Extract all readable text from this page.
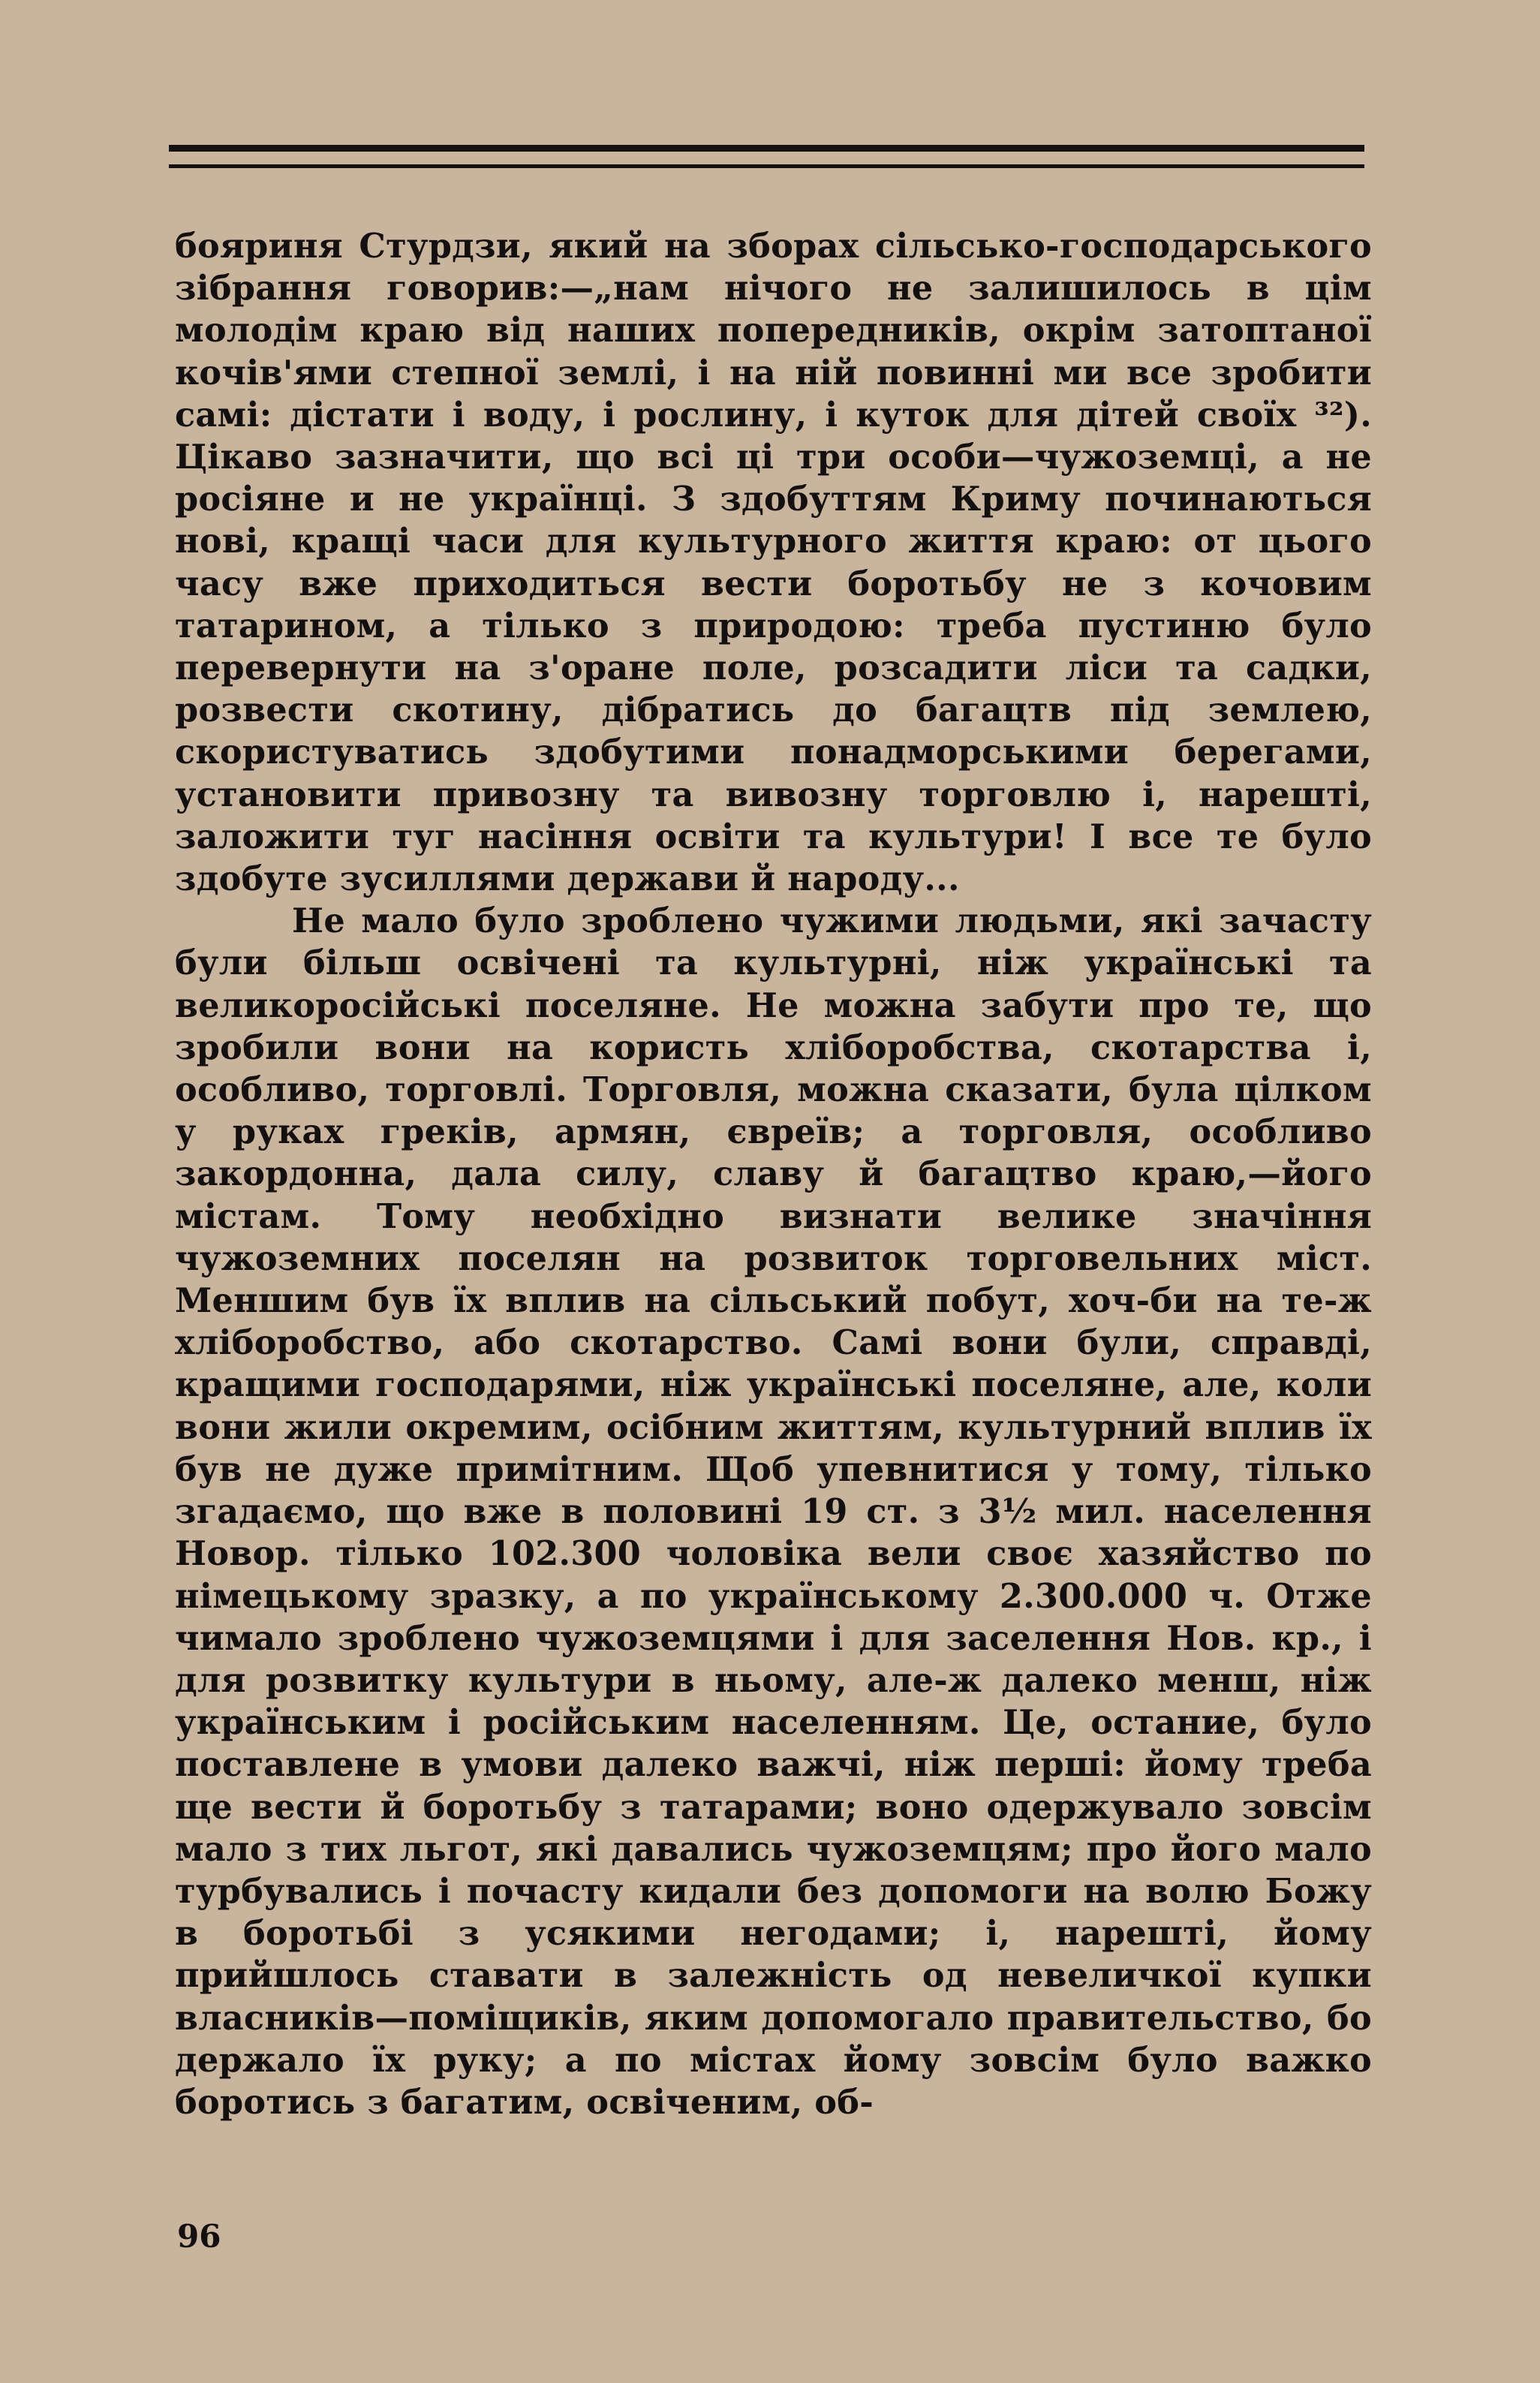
бояриня Стурдзи, який на зборах сільсько-господарського зібрання говорив:—„нам нічого не залишилось в цім молодім краю від наших попередників, окрім затоптаної кочів'ями степної землі, і на ній повинні ми все зробити самі: дістати і воду, і рослину, і куток для дітей своїх ³²). Цікаво зазначити, що всі ці три особи—чужоземці, а не росіяне и не українці. З здобуттям Криму починаються нові, кращі часи для культурного життя краю: от цього часу вже приходиться вести боротьбу не з кочовим татарином, а тілько з природою: треба пустиню було перевернути на з'оране поле, розсадити ліси та садки, розвести скотину, дібратись до багацтв під землею, скористуватись здобутими понадморськими берегами, установити привозну та вивозну торговлю і, нарешті, заложити туг насіння освіти та культури! І все те було здобуте зусиллями держави й народу...

Не мало було зроблено чужими людьми, які зачасту були більш освічені та культурні, ніж українські та великоросійські поселяне. Не можна забути про те, що зробили вони на користь хліборобства, скотарства і, особливо, торговлі. Торговля, можна сказати, була цілком у руках греків, армян, євреїв; а торговля, особливо закордонна, дала силу, славу й багацтво краю,—його містам. Тому необхідно визнати велике значіння чужоземних поселян на розвиток торговельних міст. Меншим був їх вплив на сільський побут, хоч-би на те-ж хліборобство, або скотарство. Самі вони були, справді, кращими господарями, ніж українські поселяне, але, коли вони жили окремим, осібним життям, культурний вплив їх був не дуже примітним. Щоб упевнитися у тому, тілько згадаємо, що вже в половині 19 ст. з 3½ мил. населення Новор. тілько 102.300 чоловіка вели своє хазяйство по німецькому зразку, а по українському 2.300.000 ч. Отже чимало зроблено чужоземцями і для заселення Нов. кр., і для розвитку культури в ньому, але-ж далеко менш, ніж українським і російським населенням. Це, остание, було поставлене в умови далеко важчі, ніж перші: йому треба ще вести й боротьбу з татарами; воно одержувало зовсім мало з тих льгот, які давались чужоземцям; про його мало турбувались і почасту кидали без допомоги на волю Божу в боротьбі з усякими негодами; і, нарешті, йому прийшлось ставати в залежність од невеличкої купки власників—поміщиків, яким допомогало правительство, бо держало їх руку; а по містах йому зовсім було важко боротись з багатим, освіченим, об-

96
